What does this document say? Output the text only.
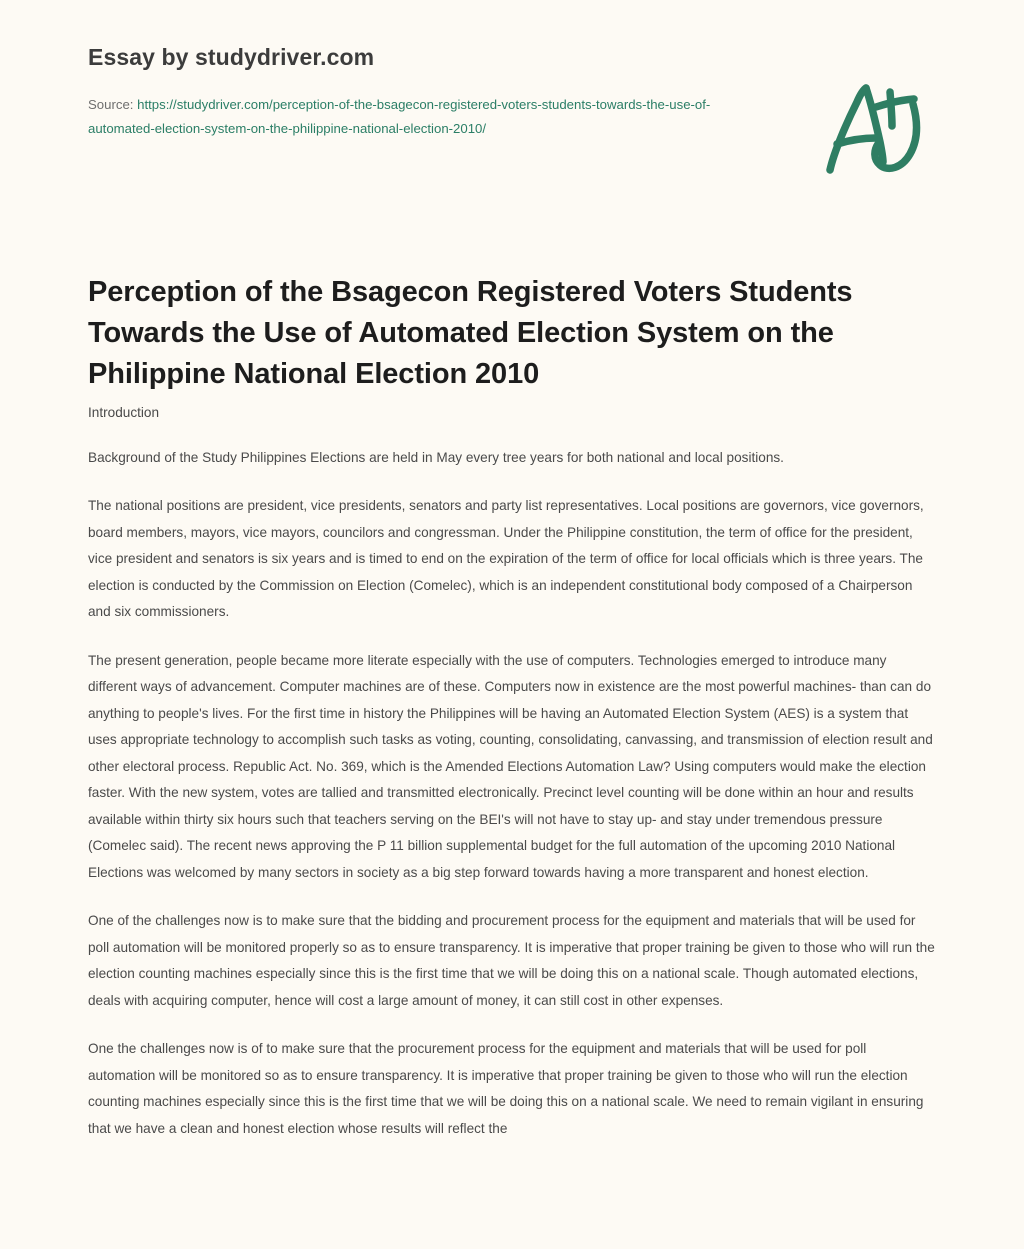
Essay by studydriver.com
Source: https://studydriver.com/perception-of-the-bsagecon-registered-voters-students-towards-the-use-of-automated-election-system-on-the-philippine-national-election-2010/
Perception of the Bsagecon Registered Voters Students Towards the Use of Automated Election System on the Philippine National Election 2010

Introduction

Background of the Study Philippines Elections are held in May every tree years for both national and local positions.

The national positions are president, vice presidents, senators and party list representatives. Local positions are governors, vice governors, board members, mayors, vice mayors, councilors and congressman. Under the Philippine constitution, the term of office for the president, vice president and senators is six years and is timed to end on the expiration of the term of office for local officials which is three years. The election is conducted by the Commission on Election (Comelec), which is an independent constitutional body composed of a Chairperson and six commissioners.

The present generation, people became more literate especially with the use of computers. Technologies emerged to introduce many different ways of advancement. Computer machines are of these. Computers now in existence are the most powerful machines- than can do anything to people's lives. For the first time in history the Philippines will be having an Automated Election System (AES) is a system that uses appropriate technology to accomplish such tasks as voting, counting, consolidating, canvassing, and transmission of election result and other electoral process. Republic Act. No. 369, which is the Amended Elections Automation Law? Using computers would make the election faster. With the new system, votes are tallied and transmitted electronically. Precinct level counting will be done within an hour and results available within thirty six hours such that teachers serving on the BEI's will not have to stay up- and stay under tremendous pressure (Comelec said). The recent news approving the P 11 billion supplemental budget for the full automation of the upcoming 2010 National Elections was welcomed by many sectors in society as a big step forward towards having a more transparent and honest election.

One of the challenges now is to make sure that the bidding and procurement process for the equipment and materials that will be used for poll automation will be monitored properly so as to ensure transparency. It is imperative that proper training be given to those who will run the election counting machines especially since this is the first time that we will be doing this on a national scale. Though automated elections, deals with acquiring computer, hence will cost a large amount of money, it can still cost in other expenses.

One the challenges now is of to make sure that the procurement process for the equipment and materials that will be used for poll automation will be monitored so as to ensure transparency. It is imperative that proper training be given to those who will run the election counting machines especially since this is the first time that we will be doing this on a national scale. We need to remain vigilant in ensuring that we have a clean and honest election whose results will reflect the
